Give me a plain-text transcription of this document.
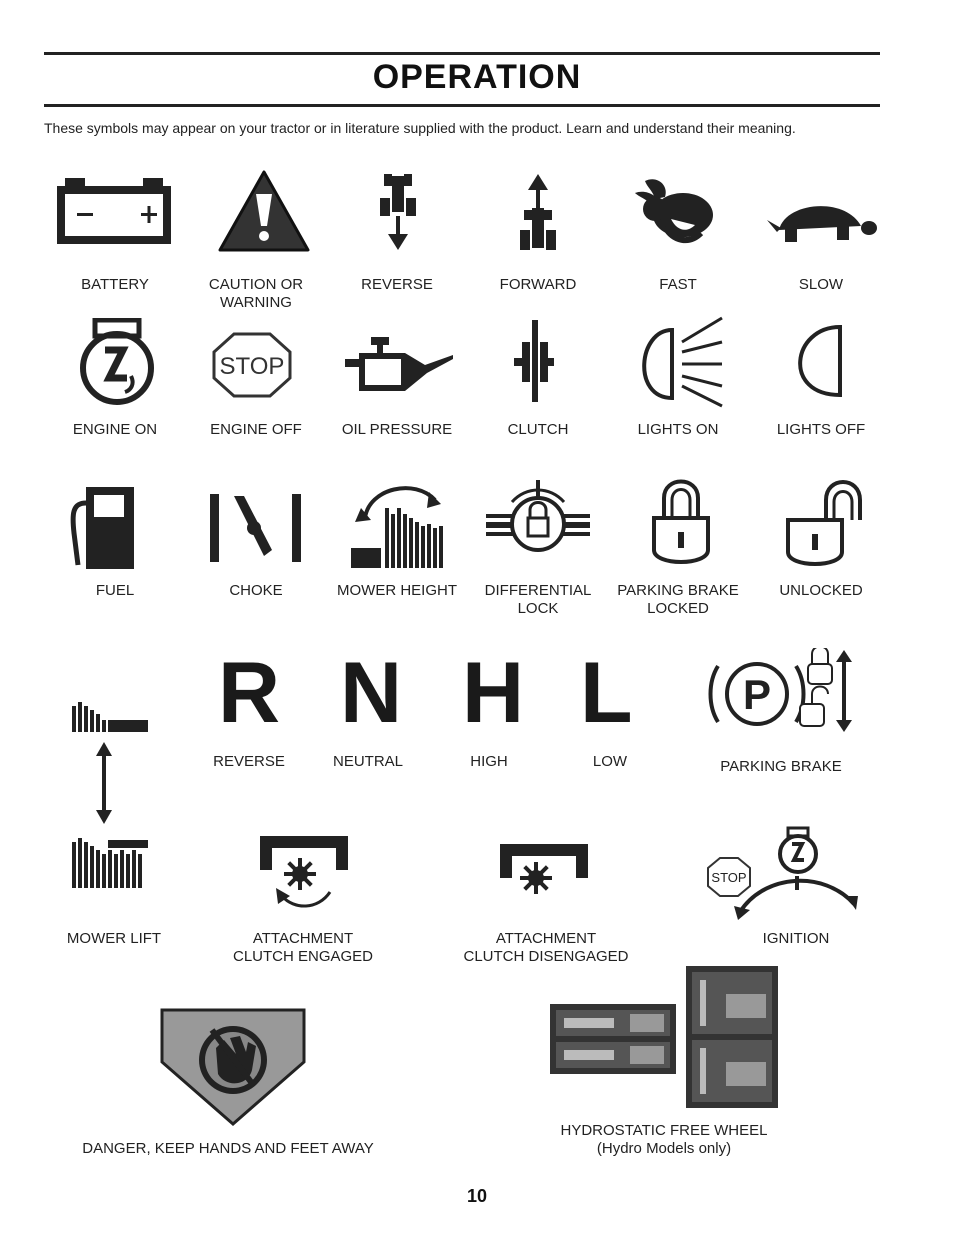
OPERATION
These symbols may appear on your tractor or in literature supplied with the product. Learn and understand their meaning.
BATTERY	CAUTION OR
WARNING
REVERSE	FORWARD	FAST	SLOW
STOP
ENGINE ON	ENGINE OFF	OIL PRESSURE	CLUTCH	LIGHTS ON	LIGHTS OFF
FUEL	CHOKE	MOWER HEIGHT DIFFERENTIAL
LOCK
PARKING BRAKE
LOCKED
UNLOCKED
R N H L
REVERSE	NEUTRAL	HIGH	LOW
P
PARKING BRAKE
STOP
MOWER LIFT	ATTACHMENT
CLUTCH ENGAGED
ATTACHMENT
CLUTCH DISENGAGED
IGNITION
DANGER, KEEP HANDS AND FEET AWAY
HYDROSTATIC FREE WHEEL
(Hydro Models only)
10
